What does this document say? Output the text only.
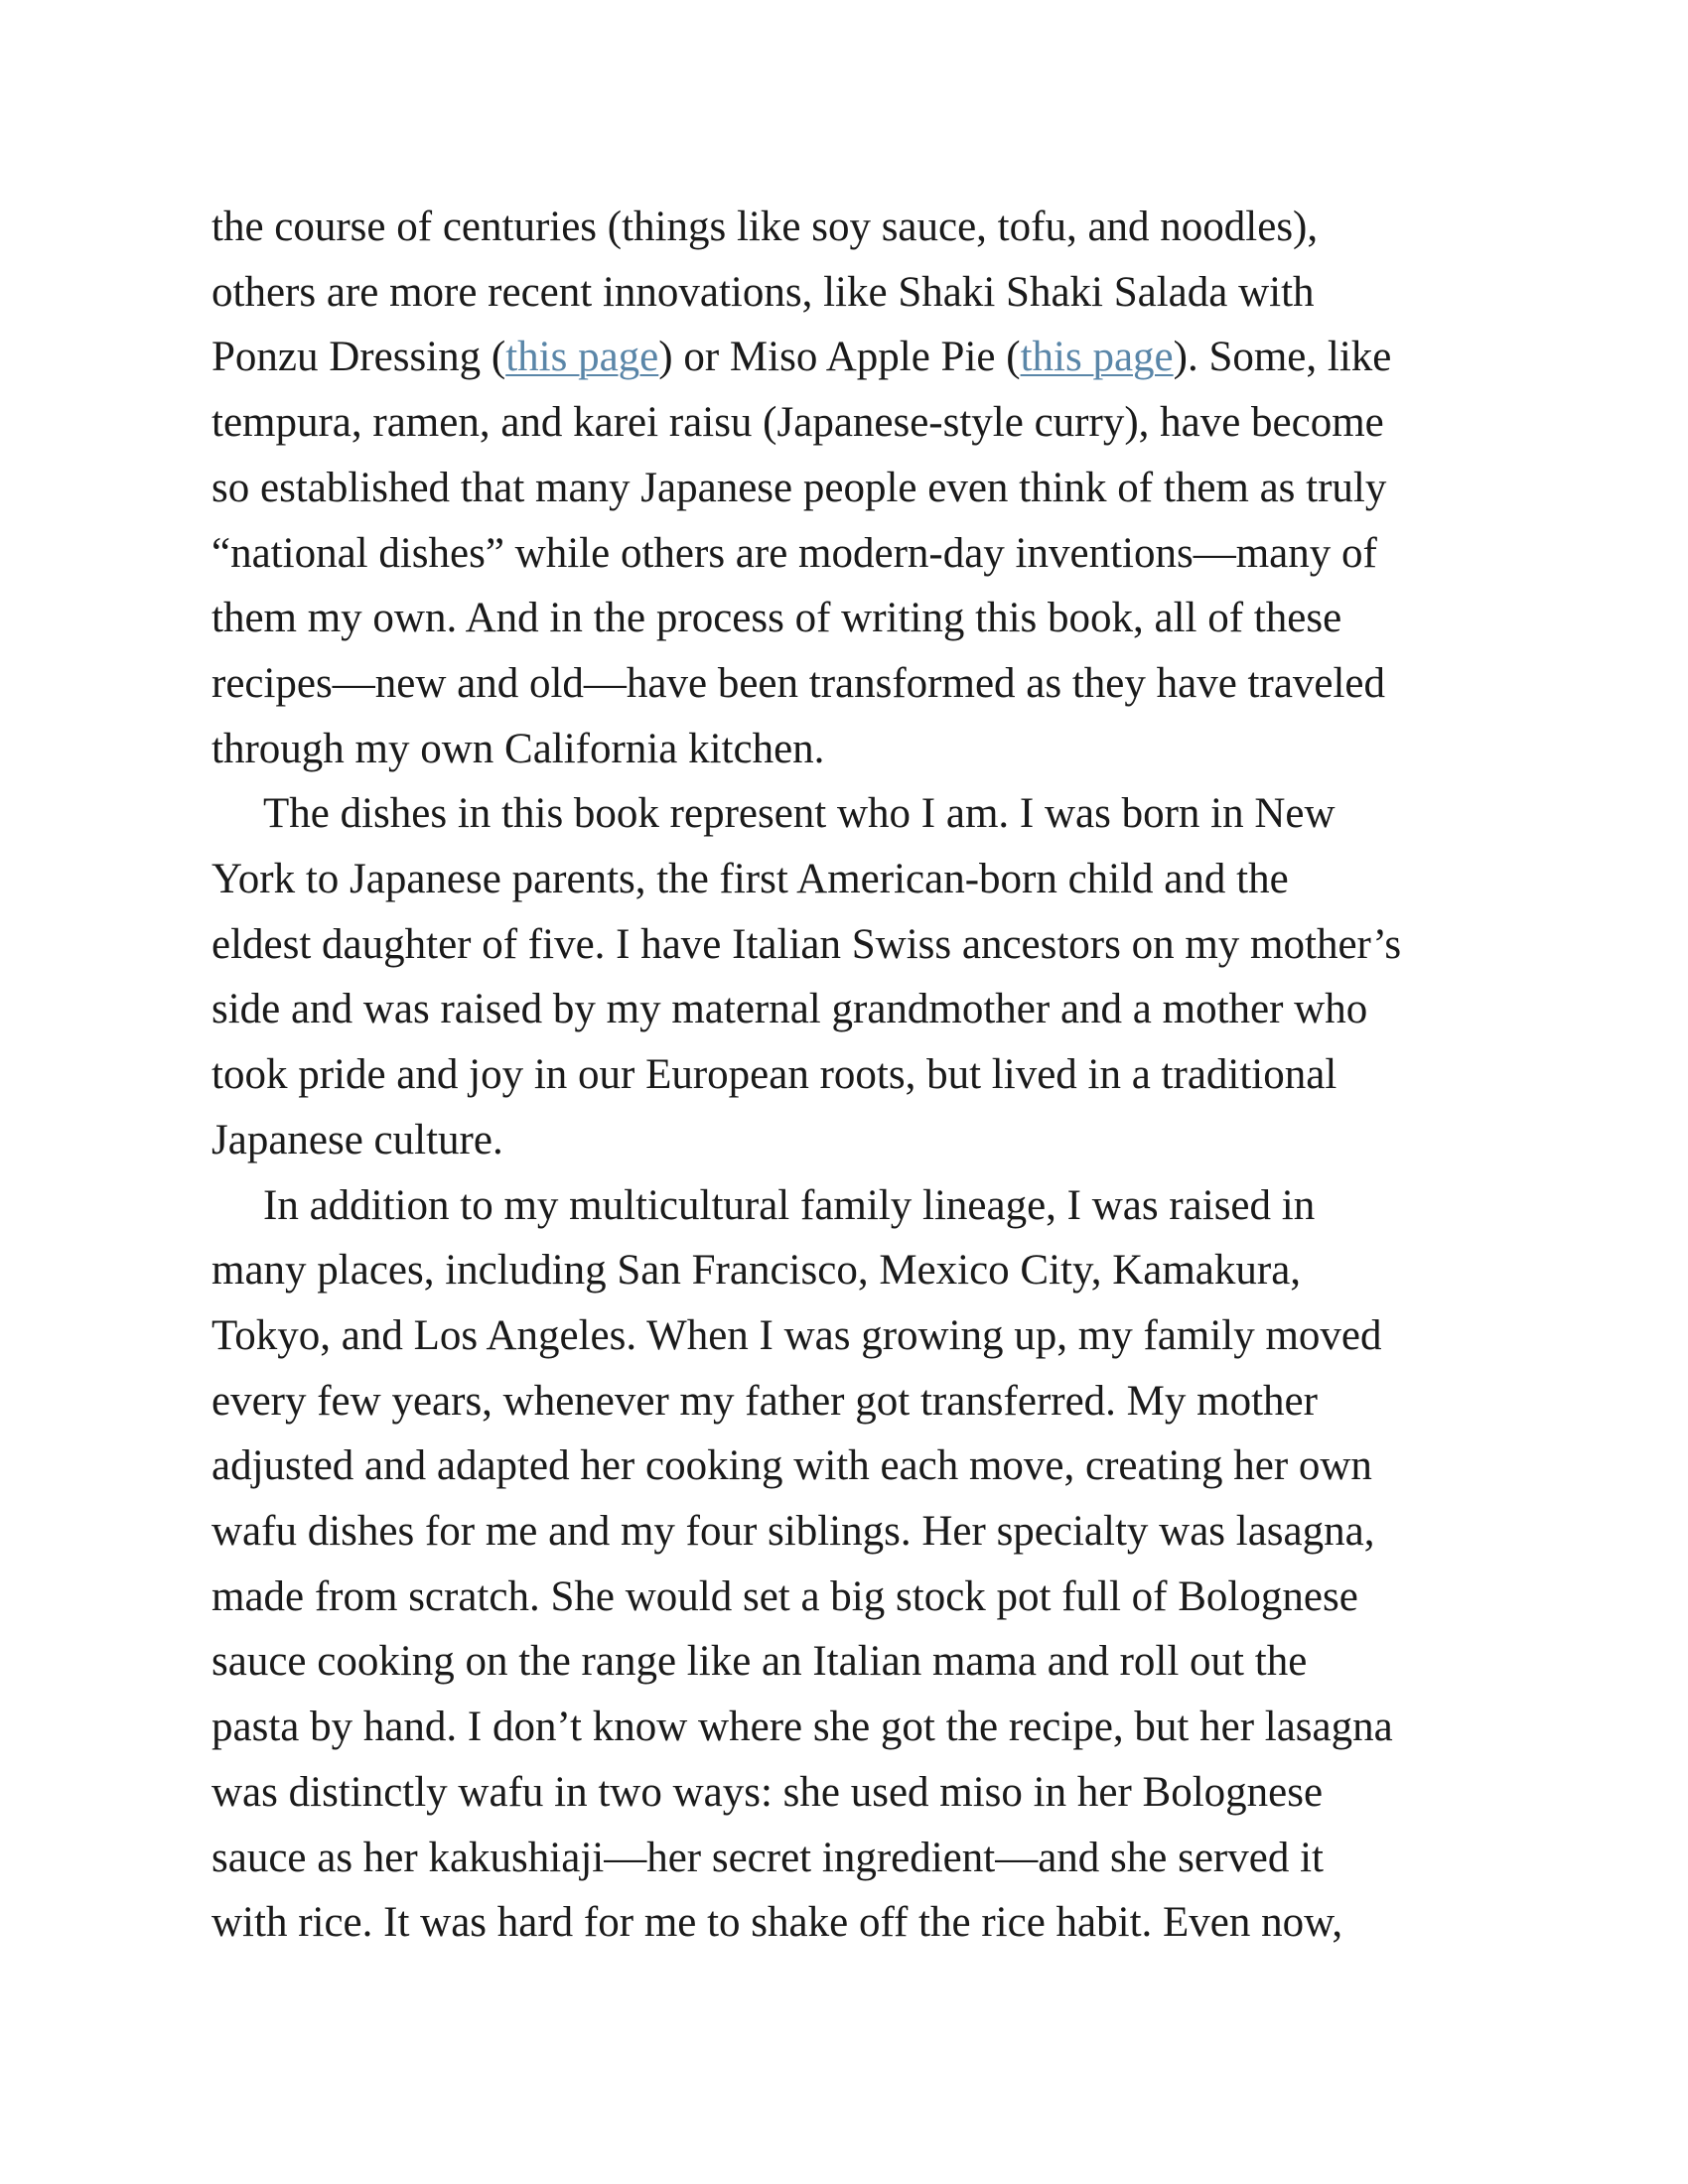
the course of centuries (things like soy sauce, tofu, and noodles),
others are more recent innovations, like Shaki Shaki Salada with
Ponzu Dressing (this page) or Miso Apple Pie (this page). Some, like
tempura, ramen, and karei raisu (Japanese-style curry), have become
so established that many Japanese people even think of them as truly
“national dishes” while others are modern-day inventions—many of
them my own. And in the process of writing this book, all of these
recipes—new and old—have been transformed as they have traveled
through my own California kitchen.

The dishes in this book represent who I am. I was born in New
York to Japanese parents, the first American-born child and the
eldest daughter of five. I have Italian Swiss ancestors on my mother’s
side and was raised by my maternal grandmother and a mother who
took pride and joy in our European roots, but lived in a traditional
Japanese culture.

In addition to my multicultural family lineage, I was raised in
many places, including San Francisco, Mexico City, Kamakura,
Tokyo, and Los Angeles. When I was growing up, my family moved
every few years, whenever my father got transferred. My mother
adjusted and adapted her cooking with each move, creating her own
wafu dishes for me and my four siblings. Her specialty was lasagna,
made from scratch. She would set a big stock pot full of Bolognese
sauce cooking on the range like an Italian mama and roll out the
pasta by hand. I don’t know where she got the recipe, but her lasagna
was distinctly wafu in two ways: she used miso in her Bolognese
sauce as her kakushiaji—her secret ingredient—and she served it
with rice. It was hard for me to shake off the rice habit. Even now,
